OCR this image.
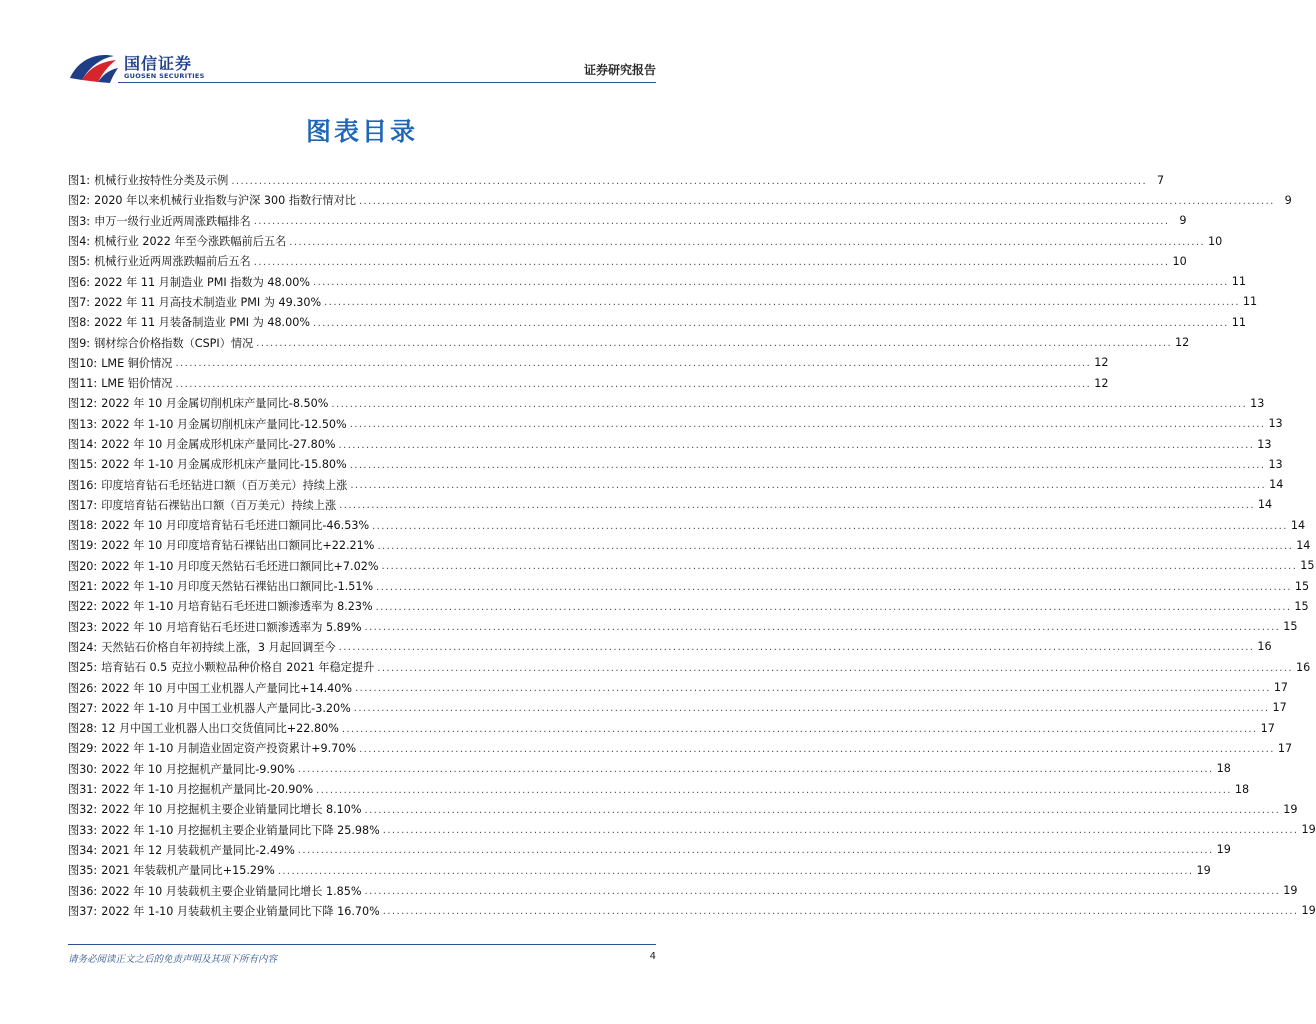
国信证券
GUOSEN SECURITIES	证券研究报告
图表目录
图1: 机械行业按特性分类及示例 ........................................................................................................................................................................................................ 7
图2: 2020 年以来机械行业指数与沪深 300 指数行情对比 ........................................................................................................................................................................................................ 9
图3: 申万一级行业近两周涨跌幅排名 ........................................................................................................................................................................................................ 9
图4: 机械行业 2022 年至今涨跌幅前后五名 ........................................................................................................................................................................................................ 10
图5: 机械行业近两周涨跌幅前后五名 ........................................................................................................................................................................................................ 10
图6: 2022 年 11 月制造业 PMI 指数为 48.00% ........................................................................................................................................................................................................ 11
图7: 2022 年 11 月高技术制造业 PMI 为 49.30% ........................................................................................................................................................................................................ 11
图8: 2022 年 11 月装备制造业 PMI 为 48.00% ........................................................................................................................................................................................................ 11
图9: 钢材综合价格指数（CSPI）情况 ........................................................................................................................................................................................................ 12
图10: LME 铜价情况 ........................................................................................................................................................................................................ 12
图11: LME 铝价情况 ........................................................................................................................................................................................................ 12
图12: 2022 年 10 月金属切削机床产量同比-8.50% ........................................................................................................................................................................................................ 13
图13: 2022 年 1-10 月金属切削机床产量同比-12.50% ........................................................................................................................................................................................................ 13
图14: 2022 年 10 月金属成形机床产量同比-27.80% ........................................................................................................................................................................................................ 13
图15: 2022 年 1-10 月金属成形机床产量同比-15.80% ........................................................................................................................................................................................................ 13
图16: 印度培育钻石毛坯钻进口额（百万美元）持续上涨 ........................................................................................................................................................................................................ 14
图17: 印度培育钻石裸钻出口额（百万美元）持续上涨 ........................................................................................................................................................................................................ 14
图18: 2022 年 10 月印度培育钻石毛坯进口额同比-46.53% ........................................................................................................................................................................................................ 14
图19: 2022 年 10 月印度培育钻石裸钻出口额同比+22.21% ........................................................................................................................................................................................................ 14
图20: 2022 年 1-10 月印度天然钻石毛坯进口额同比+7.02% ........................................................................................................................................................................................................ 15
图21: 2022 年 1-10 月印度天然钻石裸钻出口额同比-1.51% ........................................................................................................................................................................................................ 15
图22: 2022 年 1-10 月培育钻石毛坯进口额渗透率为 8.23% ........................................................................................................................................................................................................ 15
图23: 2022 年 10 月培育钻石毛坯进口额渗透率为 5.89% ........................................................................................................................................................................................................ 15
图24: 天然钻石价格自年初持续上涨，3 月起回调至今 ........................................................................................................................................................................................................ 16
图25: 培育钻石 0.5 克拉小颗粒品种价格自 2021 年稳定提升 ........................................................................................................................................................................................................ 16
图26: 2022 年 10 月中国工业机器人产量同比+14.40% ........................................................................................................................................................................................................ 17
图27: 2022 年 1-10 月中国工业机器人产量同比-3.20% ........................................................................................................................................................................................................ 17
图28: 12 月中国工业机器人出口交货值同比+22.80% ........................................................................................................................................................................................................ 17
图29: 2022 年 1-10 月制造业固定资产投资累计+9.70% ........................................................................................................................................................................................................ 17
图30: 2022 年 10 月挖掘机产量同比-9.90% ........................................................................................................................................................................................................ 18
图31: 2022 年 1-10 月挖掘机产量同比-20.90% ........................................................................................................................................................................................................ 18
图32: 2022 年 10 月挖掘机主要企业销量同比增长 8.10% ........................................................................................................................................................................................................ 19
图33: 2022 年 1-10 月挖掘机主要企业销量同比下降 25.98% ........................................................................................................................................................................................................ 19
图34: 2021 年 12 月装载机产量同比-2.49% ........................................................................................................................................................................................................ 19
图35: 2021 年装载机产量同比+15.29% ........................................................................................................................................................................................................ 19
图36: 2022 年 10 月装载机主要企业销量同比增长 1.85% ........................................................................................................................................................................................................ 19
图37: 2022 年 1-10 月装载机主要企业销量同比下降 16.70% ........................................................................................................................................................................................................ 19
请务必阅读正文之后的免责声明及其项下所有内容	4
